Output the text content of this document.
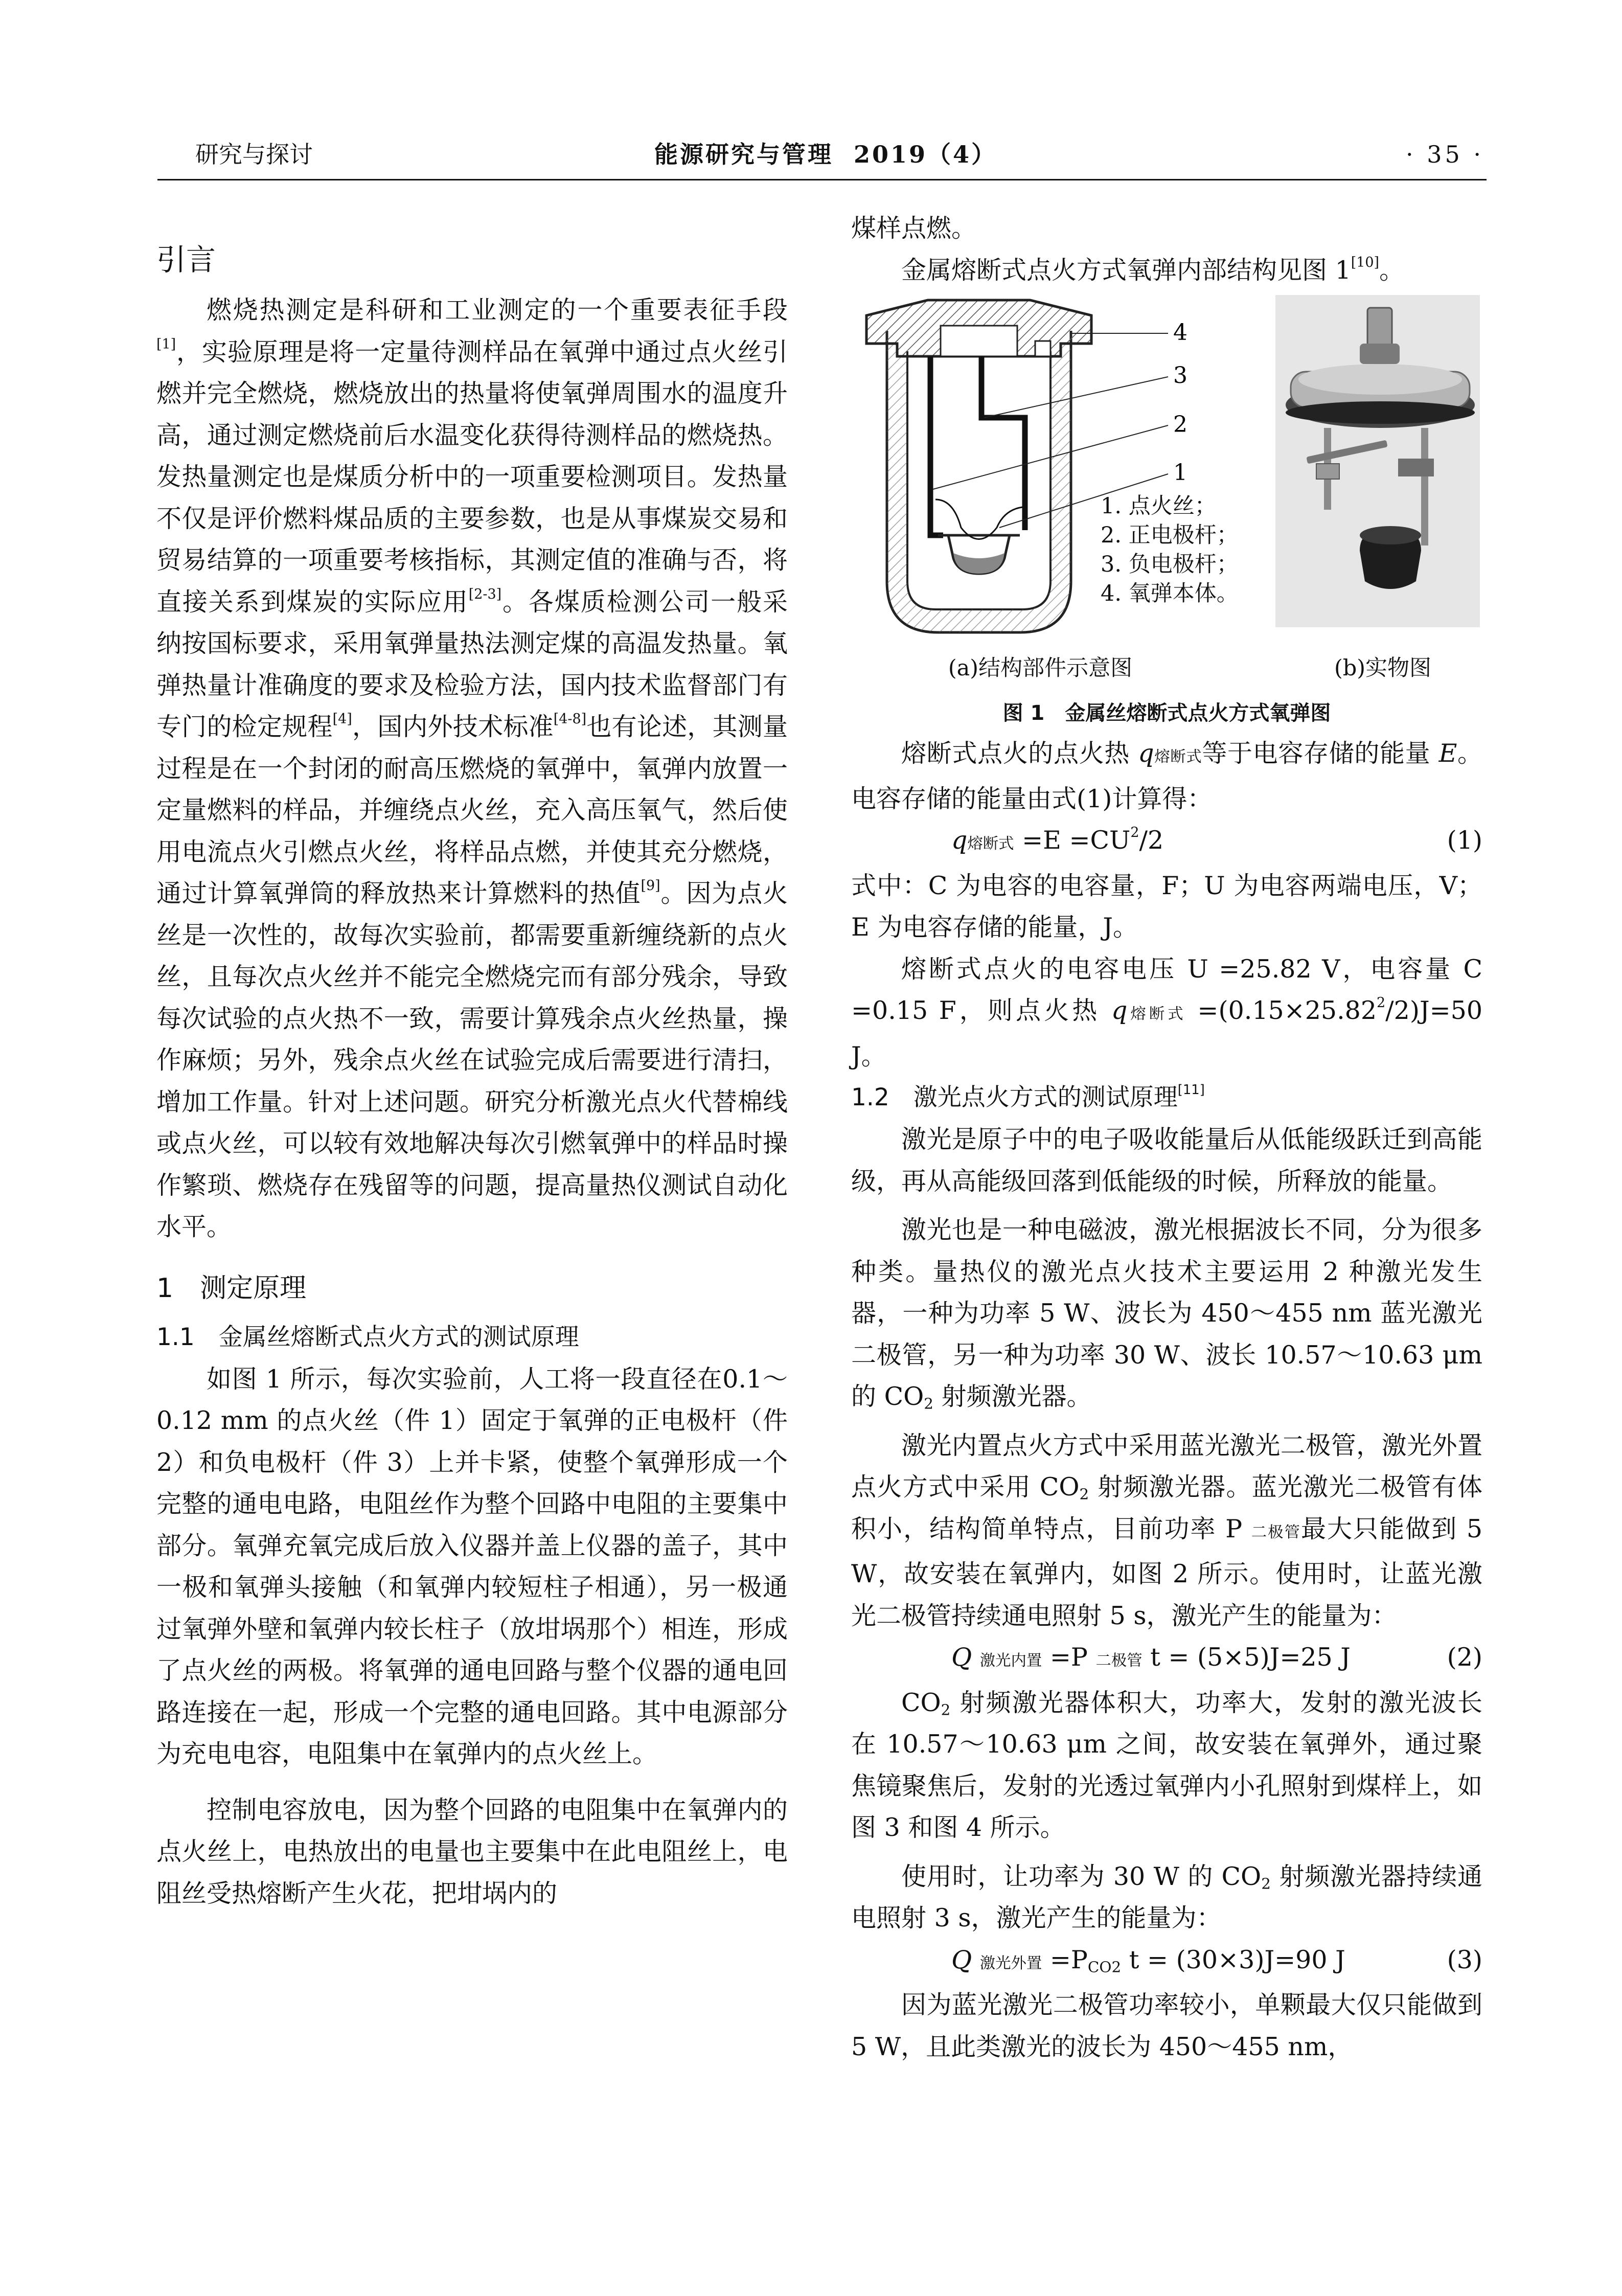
研究与探讨	能源研究与管理 2019（4）	· 35 ·
引言

燃烧热测定是科研和工业测定的一个重要表征手段[1]，实验原理是将一定量待测样品在氧弹中通过点火丝引燃并完全燃烧，燃烧放出的热量将使氧弹周围水的温度升高，通过测定燃烧前后水温变化获得待测样品的燃烧热。发热量测定也是煤质分析中的一项重要检测项目。发热量不仅是评价燃料煤品质的主要参数，也是从事煤炭交易和贸易结算的一项重要考核指标，其测定值的准确与否，将直接关系到煤炭的实际应用[2-3]。各煤质检测公司一般采纳按国标要求，采用氧弹量热法测定煤的高温发热量。氧弹热量计准确度的要求及检验方法，国内技术监督部门有专门的检定规程[4]，国内外技术标准[4-8]也有论述，其测量过程是在一个封闭的耐高压燃烧的氧弹中，氧弹内放置一定量燃料的样品，并缠绕点火丝，充入高压氧气，然后使用电流点火引燃点火丝，将样品点燃，并使其充分燃烧，通过计算氧弹筒的释放热来计算燃料的热值[9]。因为点火丝是一次性的，故每次实验前，都需要重新缠绕新的点火丝，且每次点火丝并不能完全燃烧完而有部分残余，导致每次试验的点火热不一致，需要计算残余点火丝热量，操作麻烦；另外，残余点火丝在试验完成后需要进行清扫，增加工作量。针对上述问题。研究分析激光点火代替棉线或点火丝，可以较有效地解决每次引燃氧弹中的样品时操作繁琐、燃烧存在残留等的问题，提高量热仪测试自动化水平。

1　测定原理
1.1　金属丝熔断式点火方式的测试原理

如图 1 所示，每次实验前，人工将一段直径在0.1～0.12 mm 的点火丝（件 1）固定于氧弹的正电极杆（件 2）和负电极杆（件 3）上并卡紧，使整个氧弹形成一个完整的通电电路，电阻丝作为整个回路中电阻的主要集中部分。氧弹充氧完成后放入仪器并盖上仪器的盖子，其中一极和氧弹头接触（和氧弹内较短柱子相通），另一极通过氧弹外壁和氧弹内较长柱子（放坩埚那个）相连，形成了点火丝的两极。将氧弹的通电回路与整个仪器的通电回路连接在一起，形成一个完整的通电回路。其中电源部分为充电电容，电阻集中在氧弹内的点火丝上。

控制电容放电，因为整个回路的电阻集中在氧弹内的点火丝上，电热放出的电量也主要集中在此电阻丝上，电阻丝受热熔断产生火花，把坩埚内的

煤样点燃。

金属熔断式点火方式氧弹内部结构见图 1[10]。

4
3
2
1
1. 点火丝；
2. 正电极杆；
3. 负电极杆；
4. 氧弹本体。
(a)结构部件示意图	(b)实物图
图 1　金属丝熔断式点火方式氧弹图

熔断式点火的点火热 q熔断式等于电容存储的能量 E。电容存储的能量由式(1)计算得：

q熔断式 $=E =CU^2/2$	(1)

式中：C 为电容的电容量，F；U 为电容两端电压，V；E 为电容存储的能量，J。

熔断式点火的电容电压 U =25.82 V，电容量 C =0.15 F，则点火热 q熔断式 $=(0.15\times 25.82^2/2)J=50$ J。

1.2　激光点火方式的测试原理[11]

激光是原子中的电子吸收能量后从低能级跃迁到高能级，再从高能级回落到低能级的时候，所释放的能量。

激光也是一种电磁波，激光根据波长不同，分为很多种类。量热仪的激光点火技术主要运用 2 种激光发生器，一种为功率 5 W、波长为 450～455 nm 蓝光激光二极管，另一种为功率 30 W、波长 10.57～10.63 μm 的 $CO_2$ 射频激光器。

激光内置点火方式中采用蓝光激光二极管，激光外置点火方式中采用 $CO_2$ 射频激光器。蓝光激光二极管有体积小，结构简单特点，目前功率 P 二极管最大只能做到 5 W，故安装在氧弹内，如图 2 所示。使用时，让蓝光激光二极管持续通电照射 5 s，激光产生的能量为：

Q 激光内置 =P 二极管 t = (5×5)J=25 J	(2)

$CO_2$ 射频激光器体积大，功率大，发射的激光波长在 10.57～10.63 μm 之间，故安装在氧弹外，通过聚焦镜聚焦后，发射的光透过氧弹内小孔照射到煤样上，如图 3 和图 4 所示。

使用时，让功率为 30 W 的 $CO_2$ 射频激光器持续通电照射 3 s，激光产生的能量为：

Q 激光外置 $=P_{CO2}$ t = (30×3)J=90 J	(3)

因为蓝光激光二极管功率较小，单颗最大仅只能做到 5 W，且此类激光的波长为 450～455 nm，
